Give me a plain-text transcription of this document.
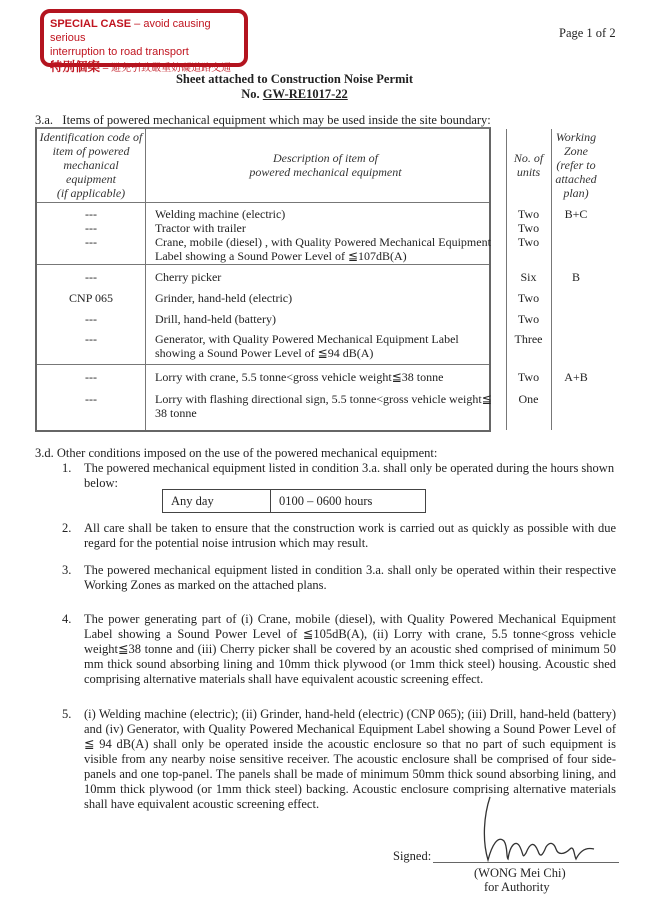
SPECIAL CASE – avoid causing serious
interruption to road transport
特別個案 – 避免引致嚴重妨礙道路交通
Page 1 of 2
Sheet attached to Construction Noise Permit
No. GW-RE1017-22
3.a.   Items of powered mechanical equipment which may be used inside the site boundary:
Identification code of
item of powered
mechanical
equipment
(if applicable)
Description of item of
powered mechanical equipment
No. of
units
Working
Zone
(refer to
attached
plan)
---
---
---
Welding machine (electric)
Tractor with trailer
Crane, mobile (diesel) , with Quality Powered Mechanical Equipment
Label showing a Sound Power Level of ≦107dB(A)
Two
Two
Two
B+C
---
CNP 065
---
---
Cherry picker
Grinder, hand-held (electric)
Drill, hand-held (battery)
Generator, with Quality Powered Mechanical Equipment Label
showing a Sound Power Level of ≦94 dB(A)
Six
Two
Two
Three
B
---
---
Lorry with crane, 5.5 tonne<gross vehicle weight≦38 tonne
Lorry with flashing directional sign, 5.5 tonne<gross vehicle weight≦
38 tonne
Two
One
A+B
3.d. Other conditions imposed on the use of the powered mechanical equipment:
1. The powered mechanical equipment listed in condition 3.a. shall only be operated during the hours shown below:
Any day	0100 – 0600 hours
2. All care shall be taken to ensure that the construction work is carried out as quickly as possible with due regard for the potential noise intrusion which may result.
3. The powered mechanical equipment listed in condition 3.a. shall only be operated within their respective Working Zones as marked on the attached plans.
4. The power generating part of (i) Crane, mobile (diesel), with Quality Powered Mechanical Equipment Label showing a Sound Power Level of ≦105dB(A), (ii) Lorry with crane, 5.5 tonne<gross vehicle weight≦38 tonne and (iii) Cherry picker shall be covered by an acoustic shed comprised of minimum 50 mm thick sound absorbing lining and 10mm thick plywood (or 1mm thick steel) housing. Acoustic shed comprising alternative materials shall have equivalent acoustic screening effect.
5. (i) Welding machine (electric); (ii) Grinder, hand-held (electric) (CNP 065); (iii) Drill, hand-held (battery) and (iv) Generator, with Quality Powered Mechanical Equipment Label showing a Sound Power Level of ≦ 94 dB(A) shall only be operated inside the acoustic enclosure so that no part of such equipment is visible from any nearby noise sensitive receiver. The acoustic enclosure shall be comprised of four side-panels and one top-panel. The panels shall be made of minimum 50mm thick sound absorbing lining, and 10mm thick plywood (or 1mm thick steel) backing. Acoustic enclosure comprising alternative materials shall have equivalent acoustic screening effect.
Signed:
(WONG Mei Chi)
for Authority
